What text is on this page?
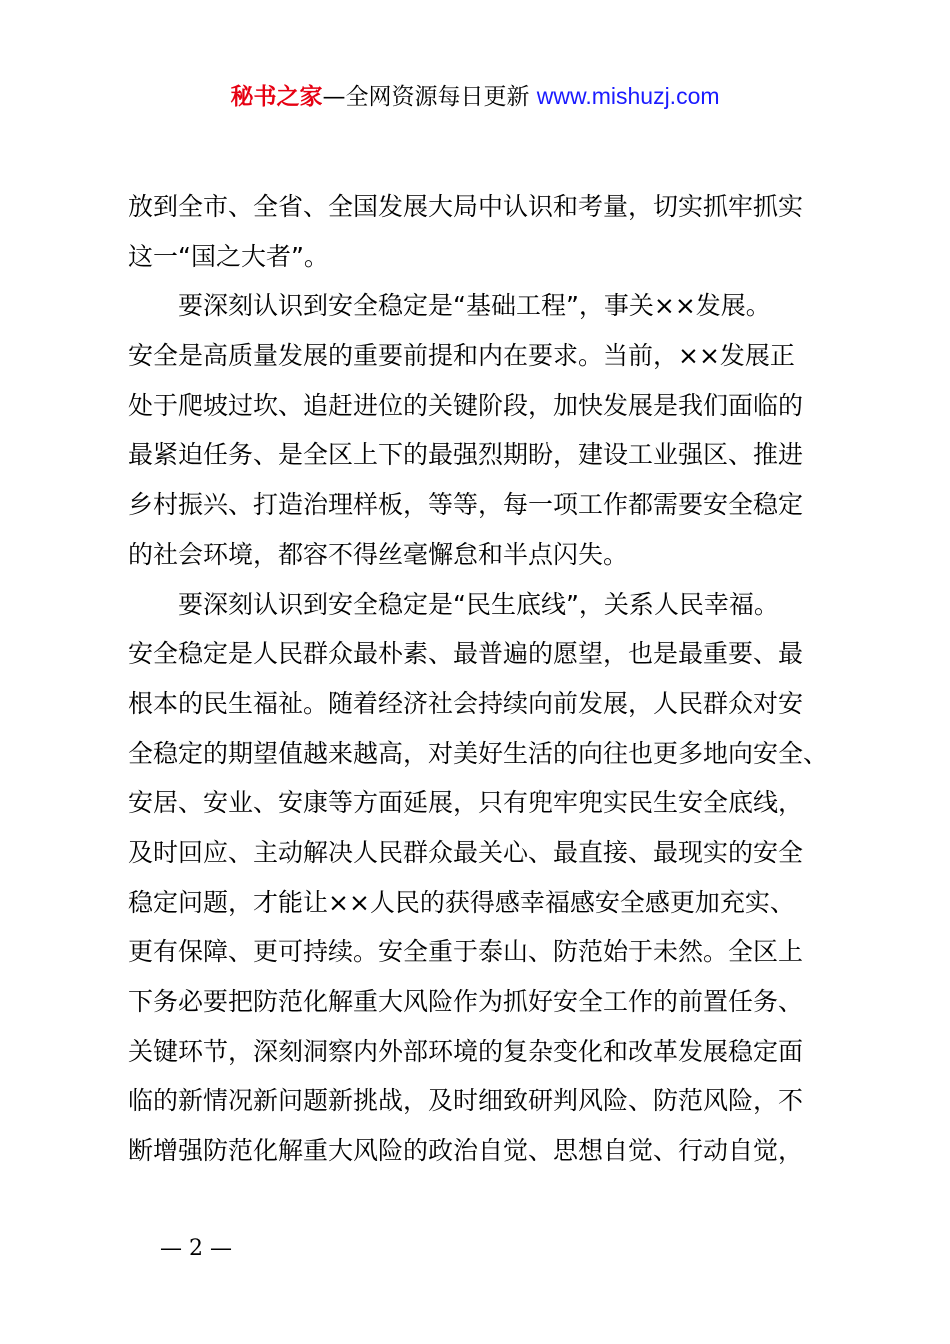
秘书之家—全网资源每日更新 www.mishuzj.com
放到全市、全省、全国发展大局中认识和考量，切实抓牢抓实
这一“国之大者”。
要深刻认识到安全稳定是“基础工程”，事关××发展。
安全是高质量发展的重要前提和内在要求。当前，××发展正
处于爬坡过坎、追赶进位的关键阶段，加快发展是我们面临的
最紧迫任务、是全区上下的最强烈期盼，建设工业强区、推进
乡村振兴、打造治理样板，等等，每一项工作都需要安全稳定
的社会环境，都容不得丝毫懈怠和半点闪失。
要深刻认识到安全稳定是“民生底线”，关系人民幸福。
安全稳定是人民群众最朴素、最普遍的愿望，也是最重要、最
根本的民生福祉。随着经济社会持续向前发展，人民群众对安
全稳定的期望值越来越高，对美好生活的向往也更多地向安全、
安居、安业、安康等方面延展，只有兜牢兜实民生安全底线，
及时回应、主动解决人民群众最关心、最直接、最现实的安全
稳定问题，才能让××人民的获得感幸福感安全感更加充实、
更有保障、更可持续。安全重于泰山、防范始于未然。全区上
下务必要把防范化解重大风险作为抓好安全工作的前置任务、
关键环节，深刻洞察内外部环境的复杂变化和改革发展稳定面
临的新情况新问题新挑战，及时细致研判风险、防范风险，不
断增强防范化解重大风险的政治自觉、思想自觉、行动自觉，
— 2 —
